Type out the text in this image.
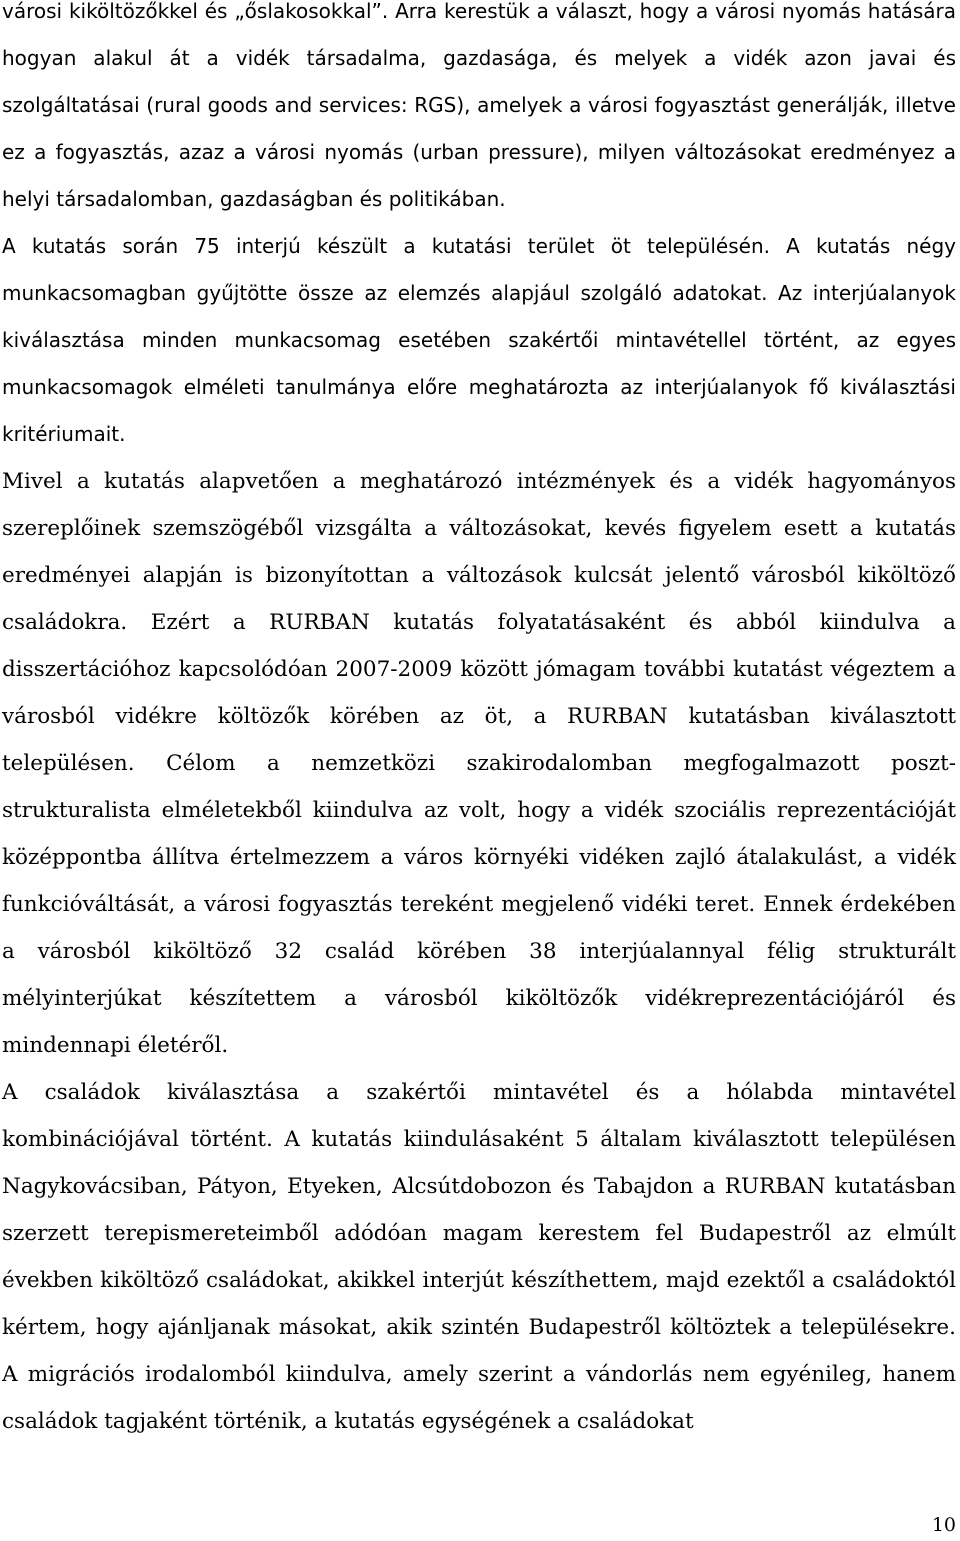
városi kiköltözőkkel és „őslakosokkal”. Arra kerestük a választ, hogy a városi nyomás hatására hogyan alakul át a vidék társadalma, gazdasága, és melyek a vidék azon javai és szolgáltatásai (rural goods and services: RGS), amelyek a városi fogyasztást generálják, illetve ez a fogyasztás, azaz a városi nyomás (urban pressure), milyen változásokat eredményez a helyi társadalomban, gazdaságban és politikában.

A kutatás során 75 interjú készült a kutatási terület öt településén. A kutatás négy munkacsomagban gyűjtötte össze az elemzés alapjául szolgáló adatokat. Az interjúalanyok kiválasztása minden munkacsomag esetében szakértői mintavétellel történt, az egyes munkacsomagok elméleti tanulmánya előre meghatározta az interjúalanyok fő kiválasztási kritériumait.

Mivel a kutatás alapvetően a meghatározó intézmények és a vidék hagyományos szereplőinek szemszögéből vizsgálta a változásokat, kevés figyelem esett a kutatás eredményei alapján is bizonyítottan a változások kulcsát jelentő városból kiköltöző családokra. Ezért a RURBAN kutatás folyatatásaként és abból kiindulva a disszertációhoz kapcsolódóan 2007-2009 között jómagam további kutatást végeztem a városból vidékre költözők körében az öt, a RURBAN kutatásban kiválasztott településen. Célom a nemzetközi szakirodalomban megfogalmazott poszt-strukturalista elméletekből kiindulva az volt, hogy a vidék szociális reprezentációját középpontba állítva értelmezzem a város környéki vidéken zajló átalakulást, a vidék funkcióváltását, a városi fogyasztás tereként megjelenő vidéki teret. Ennek érdekében a városból kiköltöző 32 család körében 38 interjúalannyal félig strukturált mélyinterjúkat készítettem a városból kiköltözők vidékreprezentációjáról és mindennapi életéről.

A családok kiválasztása a szakértői mintavétel és a hólabda mintavétel kombinációjával történt. A kutatás kiindulásaként 5 általam kiválasztott településen Nagykovácsiban, Pátyon, Etyeken, Alcsútdobozon és Tabajdon a RURBAN kutatásban szerzett terepismereteimből adódóan magam kerestem fel Budapestről az elmúlt években kiköltöző családokat, akikkel interjút készíthettem, majd ezektől a családoktól kértem, hogy ajánljanak másokat, akik szintén Budapestről költöztek a településekre. A migrációs irodalomból kiindulva, amely szerint a vándorlás nem egyénileg, hanem családok tagjaként történik, a kutatás egységének a családokat

10
